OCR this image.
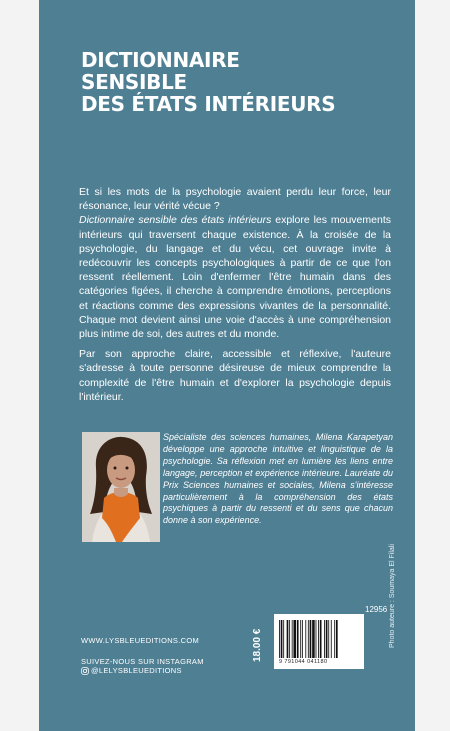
DICTIONNAIRE
SENSIBLE
DES ÉTATS INTÉRIEURS

Et si les mots de la psychologie avaient perdu leur force, leur résonance, leur vérité vécue ?

Dictionnaire sensible des états intérieurs explore les mouvements intérieurs qui traversent chaque existence. À la croisée de la psychologie, du langage et du vécu, cet ouvrage invite à redécouvrir les concepts psychologiques à partir de ce que l'on ressent réellement. Loin d'enfermer l'être humain dans des catégories figées, il cherche à comprendre émotions, perceptions et réactions comme des expressions vivantes de la personnalité. Chaque mot devient ainsi une voie d'accès à une compréhension plus intime de soi, des autres et du monde.

Par son approche claire, accessible et réflexive, l'auteure s'adresse à toute personne désireuse de mieux comprendre la complexité de l'être humain et d'explorer la psychologie depuis l'intérieur.

Spécialiste des sciences humaines, Milena Karapetyan développe une approche intuitive et linguistique de la psychologie. Sa réflexion met en lumière les liens entre langage, perception et expérience intérieure. Lauréate du Prix Sciences humaines et sociales, Milena s'intéresse particulièrement à la compréhension des états psychiques à partir du ressenti et du sens que chacun donne à son expérience.
Photo auteure : Soumaya El Filali
WWW.LYSBLEUEDITIONS.COM
SUIVEZ-NOUS SUR INSTAGRAM
@LELYSBLEUEDITIONS
12956
18.00 €	9 791044 041180
